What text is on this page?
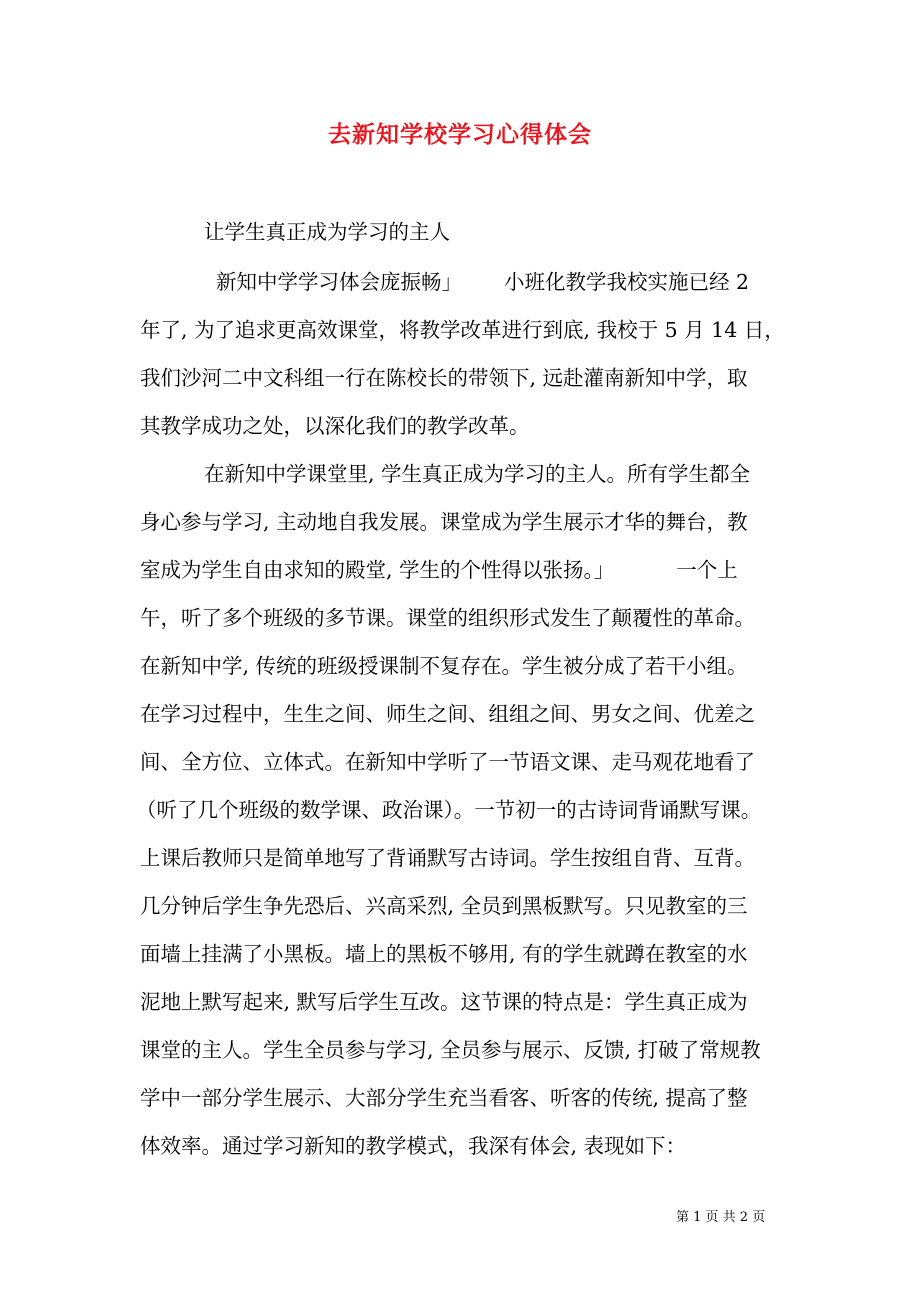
去新知学校学习心得体会
让学生真正成为学习的主人
新知中学学习体会庞振畅」 小班化教学我校实施已经 2
年了, 为了追求更高效课堂，将教学改革进行到底, 我校于 5 月 14 日，
我们沙河二中文科组一行在陈校长的带领下, 远赴灌南新知中学，取
其教学成功之处，以深化我们的教学改革。
在新知中学课堂里, 学生真正成为学习的主人。所有学生都全
身心参与学习, 主动地自我发展。课堂成为学生展示才华的舞台，教
室成为学生自由求知的殿堂, 学生的个性得以张扬。」	一个上
午，听了多个班级的多节课。课堂的组织形式发生了颠覆性的革命。
在新知中学, 传统的班级授课制不复存在。学生被分成了若干小组。
在学习过程中，生生之间、师生之间、组组之间、男女之间、优差之
间、全方位、立体式。在新知中学听了一节语文课、走马观花地看了
（听了几个班级的数学课、政治课）。一节初一的古诗词背诵默写课。
上课后教师只是简单地写了背诵默写古诗词。学生按组自背、互背。
几分钟后学生争先恐后、兴高采烈, 全员到黑板默写。只见教室的三
面墙上挂满了小黑板。墙上的黑板不够用, 有的学生就蹲在教室的水
泥地上默写起来, 默写后学生互改。这节课的特点是：学生真正成为
课堂的主人。学生全员参与学习, 全员参与展示、反馈, 打破了常规教
学中一部分学生展示、大部分学生充当看客、听客的传统, 提高了整
体效率。通过学习新知的教学模式，我深有体会, 表现如下：
第 1 页 共 2 页
